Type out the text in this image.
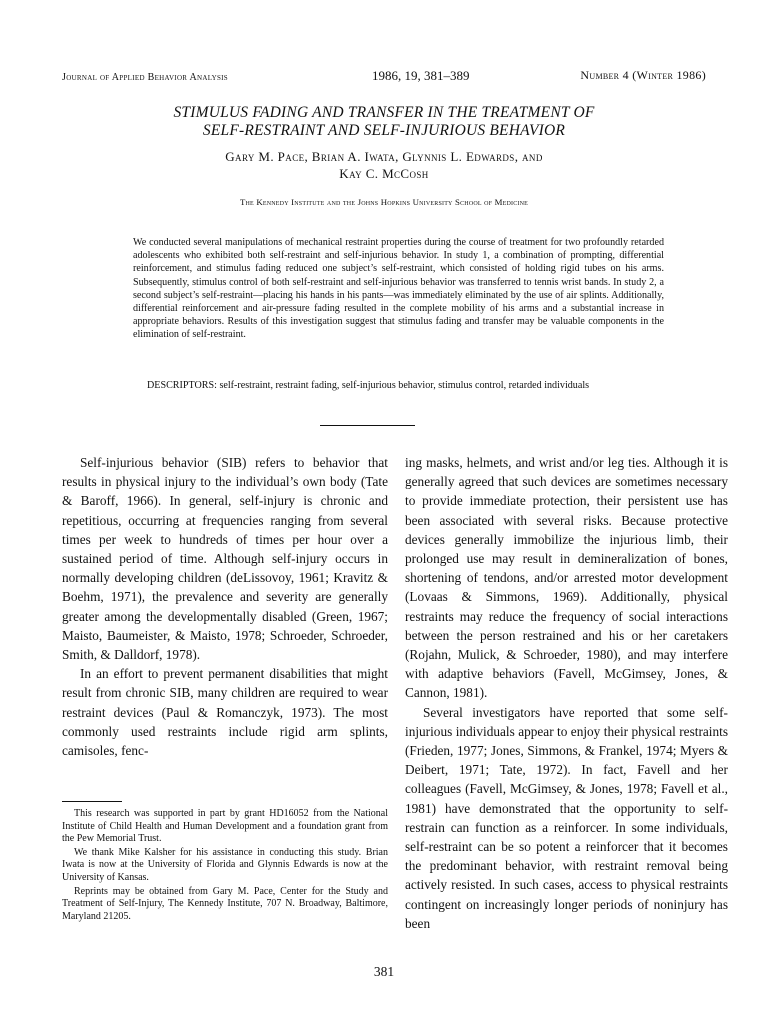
Journal of Applied Behavior Analysis	1986, 19, 381–389	Number 4 (Winter 1986)
STIMULUS FADING AND TRANSFER IN THE TREATMENT OF
SELF-RESTRAINT AND SELF-INJURIOUS BEHAVIOR
Gary M. Pace, Brian A. Iwata, Glynnis L. Edwards, and
Kay C. McCosh
The Kennedy Institute and the Johns Hopkins University School of Medicine

We conducted several manipulations of mechanical restraint properties during the course of treatment for two profoundly retarded adolescents who exhibited both self-restraint and self-injurious behavior. In study 1, a combination of prompting, differential reinforcement, and stimulus fading reduced one subject’s self-restraint, which consisted of holding rigid tubes on his arms. Subsequently, stimulus control of both self-restraint and self-injurious behavior was transferred to tennis wrist bands. In study 2, a second subject’s self-restraint—placing his hands in his pants—was immediately eliminated by the use of air splints. Additionally, differential reinforcement and air-pressure fading resulted in the complete mobility of his arms and a substantial increase in appropriate behaviors. Results of this investigation suggest that stimulus fading and transfer may be valuable components in the elimination of self-restraint.

DESCRIPTORS: self-restraint, restraint fading, self-injurious behavior, stimulus control, retarded individuals

Self-injurious behavior (SIB) refers to behavior that results in physical injury to the individual’s own body (Tate & Baroff, 1966). In general, self-injury is chronic and repetitious, occurring at frequencies ranging from several times per week to hundreds of times per hour over a sustained period of time. Although self-injury occurs in normally developing children (deLissovoy, 1961; Kravitz & Boehm, 1971), the prevalence and severity are generally greater among the developmentally disabled (Green, 1967; Maisto, Baumeister, & Maisto, 1978; Schroeder, Schroeder, Smith, & Dalldorf, 1978).

In an effort to prevent permanent disabilities that might result from chronic SIB, many children are required to wear restraint devices (Paul & Romanczyk, 1973). The most commonly used restraints include rigid arm splints, camisoles, fenc-

This research was supported in part by grant HD16052 from the National Institute of Child Health and Human Development and a foundation grant from the Pew Memorial Trust.

We thank Mike Kalsher for his assistance in conducting this study. Brian Iwata is now at the University of Florida and Glynnis Edwards is now at the University of Kansas.

Reprints may be obtained from Gary M. Pace, Center for the Study and Treatment of Self-Injury, The Kennedy Institute, 707 N. Broadway, Baltimore, Maryland 21205.

ing masks, helmets, and wrist and/or leg ties. Although it is generally agreed that such devices are sometimes necessary to provide immediate protection, their persistent use has been associated with several risks. Because protective devices generally immobilize the injurious limb, their prolonged use may result in demineralization of bones, shortening of tendons, and/or arrested motor development (Lovaas & Simmons, 1969). Additionally, physical restraints may reduce the frequency of social interactions between the person restrained and his or her caretakers (Rojahn, Mulick, & Schroeder, 1980), and may interfere with adaptive behaviors (Favell, McGimsey, Jones, & Cannon, 1981).

Several investigators have reported that some self-injurious individuals appear to enjoy their physical restraints (Frieden, 1977; Jones, Simmons, & Frankel, 1974; Myers & Deibert, 1971; Tate, 1972). In fact, Favell and her colleagues (Favell, McGimsey, & Jones, 1978; Favell et al., 1981) have demonstrated that the opportunity to self-restrain can function as a reinforcer. In some individuals, self-restraint can be so potent a reinforcer that it becomes the predominant behavior, with restraint removal being actively resisted. In such cases, access to physical restraints contingent on increasingly longer periods of noninjury has been

381
